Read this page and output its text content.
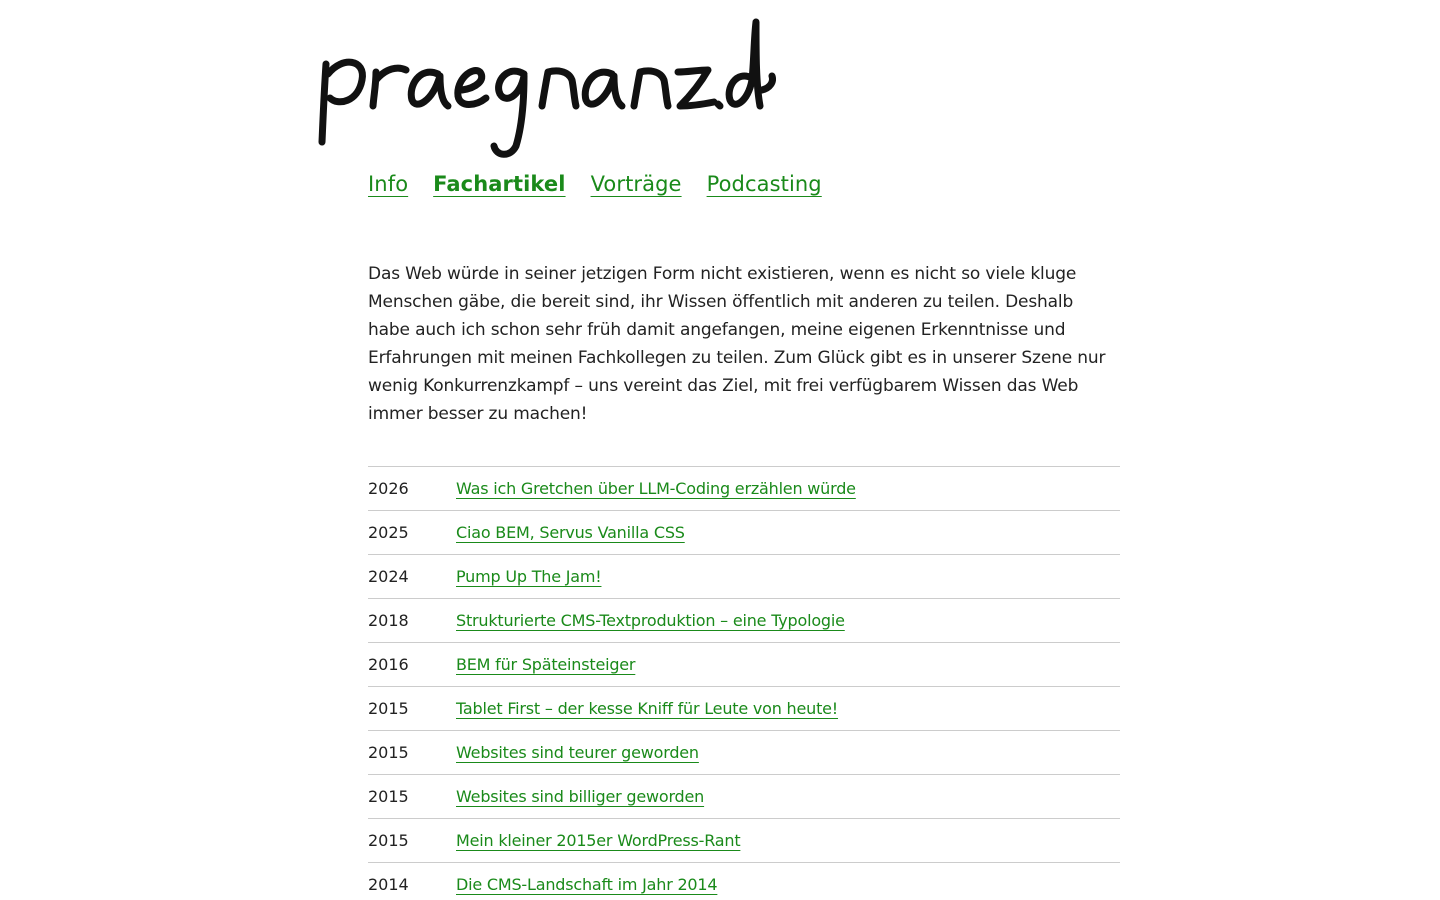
Info Fachartikel Vorträge Podcasting

Das Web würde in seiner jetzigen Form nicht existieren, wenn es nicht so viele kluge Menschen gäbe, die bereit sind, ihr Wissen öffentlich mit anderen zu teilen. Deshalb habe auch ich schon sehr früh damit angefangen, meine eigenen Erkenntnisse und Erfahrungen mit meinen Fachkollegen zu teilen. Zum Glück gibt es in unserer Szene nur wenig Konkurrenzkampf – uns vereint das Ziel, mit frei verfügbarem Wissen das Web immer besser zu machen!

2026	Was ich Gretchen über LLM-Coding erzählen würde
2025	Ciao BEM, Servus Vanilla CSS
2024	Pump Up The Jam!
2018	Strukturierte CMS-Textproduktion – eine Typologie
2016	BEM für Späteinsteiger
2015	Tablet First – der kesse Kniff für Leute von heute!
2015	Websites sind teurer geworden
2015	Websites sind billiger geworden
2015	Mein kleiner 2015er WordPress-Rant
2014	Die CMS-Landschaft im Jahr 2014
